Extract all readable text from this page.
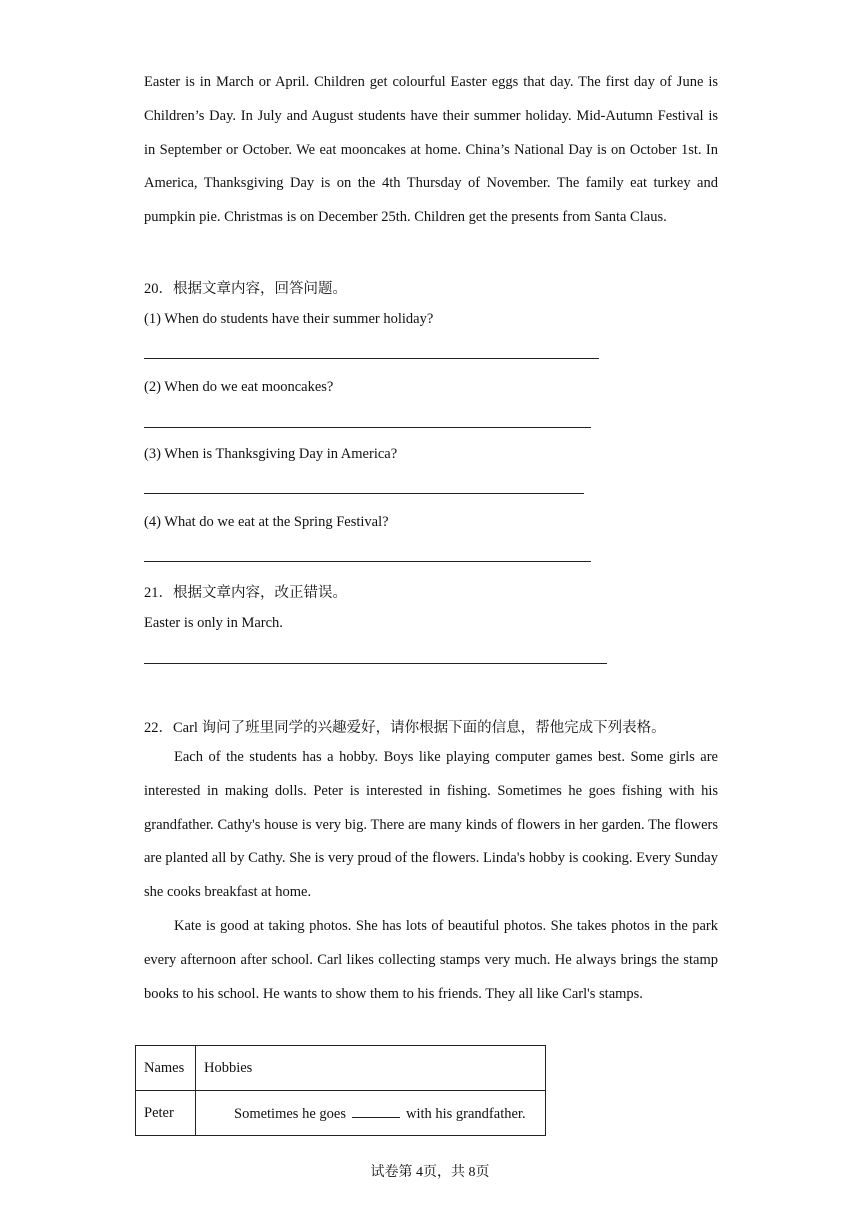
Easter is in March or April. Children get colourful Easter eggs that day. The first day of June is Children’s Day. In July and August students have their summer holiday. Mid-Autumn Festival is in September or October. We eat mooncakes at home. China’s National Day is on October 1st. In America, Thanksgiving Day is on the 4th Thursday of November. The family eat turkey and pumpkin pie. Christmas is on December 25th. Children get the presents from Santa Claus.
20．根据文章内容，回答问题。
(1) When do students have their summer holiday?
(2) When do we eat mooncakes?
(3) When is Thanksgiving Day in America?
(4) What do we eat at the Spring Festival?
21．根据文章内容，改正错误。
Easter is only in March.
22．Carl 询问了班里同学的兴趣爱好，请你根据下面的信息，帮他完成下列表格。
Each of the students has a hobby. Boys like playing computer games best. Some girls are interested in making dolls. Peter is interested in fishing. Sometimes he goes fishing with his grandfather. Cathy's house is very big. There are many kinds of flowers in her garden. The flowers are planted all by Cathy. She is very proud of the flowers. Linda's hobby is cooking. Every Sunday she cooks breakfast at home.
Kate is good at taking photos. She has lots of beautiful photos. She takes photos in the park every afternoon after school. Carl likes collecting stamps very much. He always brings the stamp books to his school. He wants to show them to his friends. They all like Carl's stamps.
Names	Hobbies
Peter	Sometimes he goes with his grandfather.
试卷第 4页，共 8页
